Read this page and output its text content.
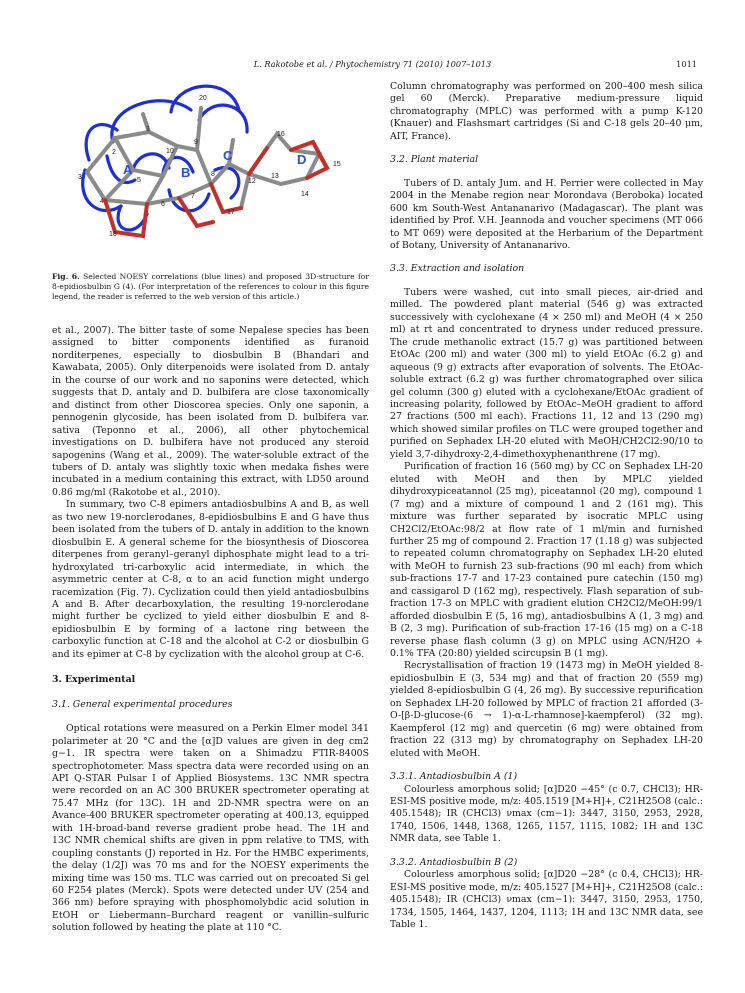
L. Rakotobe et al. / Phytochemistry 71 (2010) 1007–1013	1011
A	B
C	D
1
2
3
4
5
6
7
8
9
10
12
13
14
15
16
17
18
20
Fig. 6. Selected NOESY correlations (blue lines) and proposed 3D-structure for 8-epidiosbulbin G (4). (For interpretation of the references to colour in this figure legend, the reader is referred to the web version of this article.)

et al., 2007). The bitter taste of some Nepalese species has been assigned to bitter components identified as furanoid norditerpenes, especially to diosbulbin B (Bhandari and Kawabata, 2005). Only diterpenoids were isolated from D. antaly in the course of our work and no saponins were detected, which suggests that D. antaly and D. bulbifera are close taxonomically and distinct from other Dioscorea species. Only one saponin, a pennogenin glycoside, has been isolated from D. bulbifera var. sativa (Teponno et al., 2006), all other phytochemical investigations on D. bulbifera have not produced any steroid sapogenins (Wang et al., 2009). The water-soluble extract of the tubers of D. antaly was slightly toxic when medaka fishes were incubated in a medium containing this extract, with LD50 around 0.86 mg/ml (Rakotobe et al., 2010).

In summary, two C-8 epimers antadiosbulbins A and B, as well as two new 19-norclerodanes, 8-epidiosbulbins E and G have thus been isolated from the tubers of D. antaly in addition to the known diosbulbin E. A general scheme for the biosynthesis of Dioscorea diterpenes from geranyl–geranyl diphosphate might lead to a tri-hydroxylated tri-carboxylic acid intermediate, in which the asymmetric center at C-8, α to an acid function might undergo racemization (Fig. 7). Cyclization could then yield antadiosbulbins A and B. After decarboxylation, the resulting 19-norclerodane might further be cyclized to yield either diosbulbin E and 8-epidiosbulbin E by forming of a lactone ring between the carboxylic function at C-18 and the alcohol at C-2 or diosbulbin G and its epimer at C-8 by cyclization with the alcohol group at C-6.

3. Experimental

3.1. General experimental procedures

Optical rotations were measured on a Perkin Elmer model 341 polarimeter at 20 °C and the [α]D values are given in deg cm2 g−1. IR spectra were taken on a Shimadzu FTIR-8400S spectrophotometer. Mass spectra data were recorded using on an API Q-STAR Pulsar I of Applied Biosystems. 13C NMR spectra were recorded on an AC 300 BRUKER spectrometer operating at 75.47 MHz (for 13C). 1H and 2D-NMR spectra were on an Avance-400 BRUKER spectrometer operating at 400.13, equipped with 1H-broad-band reverse gradient probe head. The 1H and 13C NMR chemical shifts are given in ppm relative to TMS, with coupling constants (J) reported in Hz. For the HMBC experiments, the delay (1/2J) was 70 ms and for the NOESY experiments the mixing time was 150 ms. TLC was carried out on precoated Si gel 60 F254 plates (Merck). Spots were detected under UV (254 and 366 nm) before spraying with phosphomolybdic acid solution in EtOH or Liebermann–Burchard reagent or vanillin–sulfuric solution followed by heating the plate at 110 °C.

Column chromatography was performed on 200–400 mesh silica gel 60 (Merck). Preparative medium-pressure liquid chromatography (MPLC) was performed with a pump K-120 (Knauer) and Flashsmart cartridges (Si and C-18 gels 20–40 μm, AIT, France).

3.2. Plant material

Tubers of D. antaly Jum. and H. Perrier were collected in May 2004 in the Menabe region near Morondava (Beroboka) located 600 km South-West Antananarivo (Madagascar). The plant was identified by Prof. V.H. Jeannoda and voucher specimens (MT 066 to MT 069) were deposited at the Herbarium of the Department of Botany, University of Antananarivo.

3.3. Extraction and isolation

Tubers were washed, cut into small pieces, air-dried and milled. The powdered plant material (546 g) was extracted successively with cyclohexane (4 × 250 ml) and MeOH (4 × 250 ml) at rt and concentrated to dryness under reduced pressure. The crude methanolic extract (15.7 g) was partitioned between EtOAc (200 ml) and water (300 ml) to yield EtOAc (6.2 g) and aqueous (9 g) extracts after evaporation of solvents. The EtOAc-soluble extract (6.2 g) was further chromatographed over silica gel column (300 g) eluted with a cyclohexane/EtOAc gradient of increasing polarity, followed by EtOAc–MeOH gradient to afford 27 fractions (500 ml each). Fractions 11, 12 and 13 (290 mg) which showed similar profiles on TLC were grouped together and purified on Sephadex LH-20 eluted with MeOH/CH2Cl2:90/10 to yield 3,7-dihydroxy-2,4-dimethoxyphenanthrene (17 mg).

Purification of fraction 16 (560 mg) by CC on Sephadex LH-20 eluted with MeOH and then by MPLC yielded dihydroxypiceatannol (25 mg), piceatannol (20 mg), compound 1 (7 mg) and a mixture of compound 1 and 2 (161 mg). This mixture was further separated by isocratic MPLC using CH2Cl2/EtOAc:98/2 at flow rate of 1 ml/min and furnished further 25 mg of compound 2. Fraction 17 (1.18 g) was subjected to repeated column chromatography on Sephadex LH-20 eluted with MeOH to furnish 23 sub-fractions (90 ml each) from which sub-fractions 17-7 and 17-23 contained pure catechin (150 mg) and cassigarol D (162 mg), respectively. Flash separation of sub-fraction 17-3 on MPLC with gradient elution CH2Cl2/MeOH:99/1 afforded diosbulbin E (5, 16 mg), antadiosbulbins A (1, 3 mg) and B (2, 3 mg). Purification of sub-fraction 17-16 (15 mg) on a C-18 reverse phase flash column (3 g) on MPLC using ACN/H2O + 0.1% TFA (20:80) yielded scircupsin B (1 mg).

Recrystallisation of fraction 19 (1473 mg) in MeOH yielded 8-epidiosbulbin E (3, 534 mg) and that of fraction 20 (559 mg) yielded 8-epidiosbulbin G (4, 26 mg). By successive repurification on Sephadex LH-20 followed by MPLC of fraction 21 afforded (3-O-[β-D-glucose-(6 → 1)-α-L-rhamnose]-kaempferol) (32 mg). Kaempferol (12 mg) and quercetin (6 mg) were obtained from fraction 22 (313 mg) by chromatography on Sephadex LH-20 eluted with MeOH.

3.3.1. Antadiosbulbin A (1)

Colourless amorphous solid; [α]D20 −45° (c 0.7, CHCl3); HR-ESI-MS positive mode, m/z: 405.1519 [M+H]+, C21H25O8 (calc.: 405.1548); IR (CHCl3) νmax (cm−1): 3447, 3150, 2953, 2928, 1740, 1506, 1448, 1368, 1265, 1157, 1115, 1082; 1H and 13C NMR data, see Table 1.

3.3.2. Antadiosbulbin B (2)

Colourless amorphous solid; [α]D20 −28° (c 0.4, CHCl3); HR-ESI-MS positive mode, m/z: 405.1527 [M+H]+, C21H25O8 (calc.: 405.1548); IR (CHCl3) νmax (cm−1): 3447, 3150, 2953, 1750, 1734, 1505, 1464, 1437, 1204, 1113; 1H and 13C NMR data, see Table 1.
